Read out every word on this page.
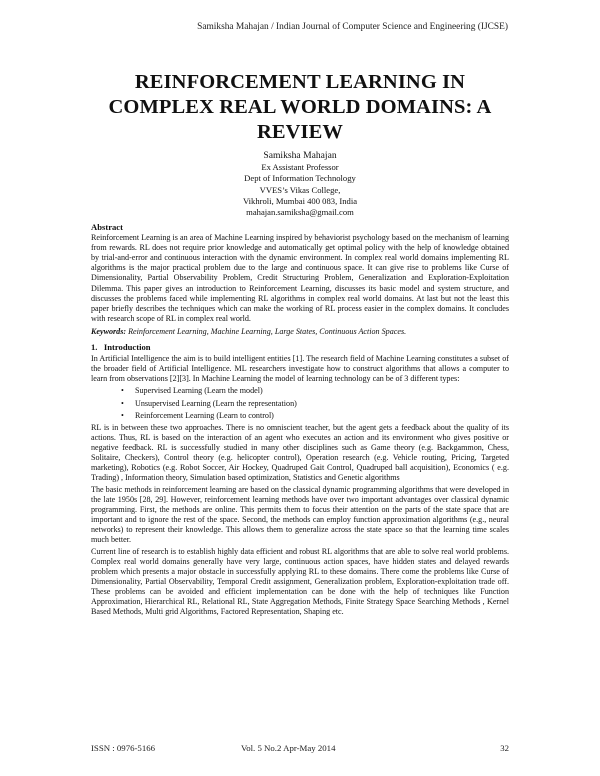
Samiksha Mahajan / Indian Journal of Computer Science and Engineering (IJCSE)
REINFORCEMENT LEARNING IN COMPLEX REAL WORLD DOMAINS: A REVIEW
Samiksha Mahajan
Ex Assistant Professor
Dept of Information Technology
VVES’s Vikas College,
Vikhroli, Mumbai 400 083, India
mahajan.samiksha@gmail.com
Abstract

Reinforcement Learning is an area of Machine Learning inspired by behaviorist psychology based on the mechanism of learning from rewards. RL does not require prior knowledge and automatically get optimal policy with the help of knowledge obtained by trial-and-error and continuous interaction with the dynamic environment. In complex real world domains implementing RL algorithms is the major practical problem due to the large and continuous space. It can give rise to problems like Curse of Dimensionality, Partial Observability Problem, Credit Structuring Problem, Generalization and Exploration-Exploitation Dilemma. This paper gives an introduction to Reinforcement Learning, discusses its basic model and system structure, and discusses the problems faced while implementing RL algorithms in complex real world domains. At last but not the least this paper briefly describes the techniques which can make the working of RL process easier in the complex domains. It concludes with research scope of RL in complex real world.

Keywords: Reinforcement Learning, Machine Learning, Large States, Continuous Action Spaces.

1.   Introduction

In Artificial Intelligence the aim is to build intelligent entities [1]. The research field of Machine Learning constitutes a subset of the broader field of Artificial Intelligence. ML researchers investigate how to construct algorithms that allows a computer to learn from observations [2][3]. In Machine Learning the model of learning technology can be of 3 different types:

• Supervised Learning (Learn the model)
• Unsupervised Learning (Learn the representation)
• Reinforcement Learning (Learn to control)

RL is in between these two approaches. There is no omniscient teacher, but the agent gets a feedback about the quality of its actions. Thus, RL is based on the interaction of an agent who executes an action and its environment who gives positive or negative feedback. RL is successfully studied in many other disciplines such as Game theory (e.g. Backgammon, Chess, Solitaire, Checkers), Control theory (e.g. helicopter control), Operation research (e.g. Vehicle routing, Pricing, Targeted marketing), Robotics (e.g. Robot Soccer, Air Hockey, Quadruped Gait Control, Quadruped ball acquisition), Economics ( e.g. Trading) , Information theory, Simulation based optimization, Statistics and Genetic algorithms

The basic methods in reinforcement learning are based on the classical dynamic programming algorithms that were developed in the late 1950s [28, 29]. However, reinforcement learning methods have over two important advantages over classical dynamic programming. First, the methods are online. This permits them to focus their attention on the parts of the state space that are important and to ignore the rest of the space. Second, the methods can employ function approximation algorithms (e.g., neural networks) to represent their knowledge. This allows them to generalize across the state space so that the learning time scales much better.

Current line of research is to establish highly data efficient and robust RL algorithms that are able to solve real world problems. Complex real world domains generally have very large, continuous action spaces, have hidden states and delayed rewards problem which presents a major obstacle in successfully applying RL to these domains. There come the problems like Curse of Dimensionality, Partial Observability, Temporal Credit assignment, Generalization problem, Exploration-exploitation trade off. These problems can be avoided and efficient implementation can be done with the help of techniques like Function Approximation, Hierarchical RL, Relational RL, State Aggregation Methods, Finite Strategy Space Searching Methods , Kernel Based Methods, Multi grid Algorithms, Factored Representation, Shaping etc.

ISSN : 0976-5166	Vol. 5 No.2 Apr-May 2014	32
